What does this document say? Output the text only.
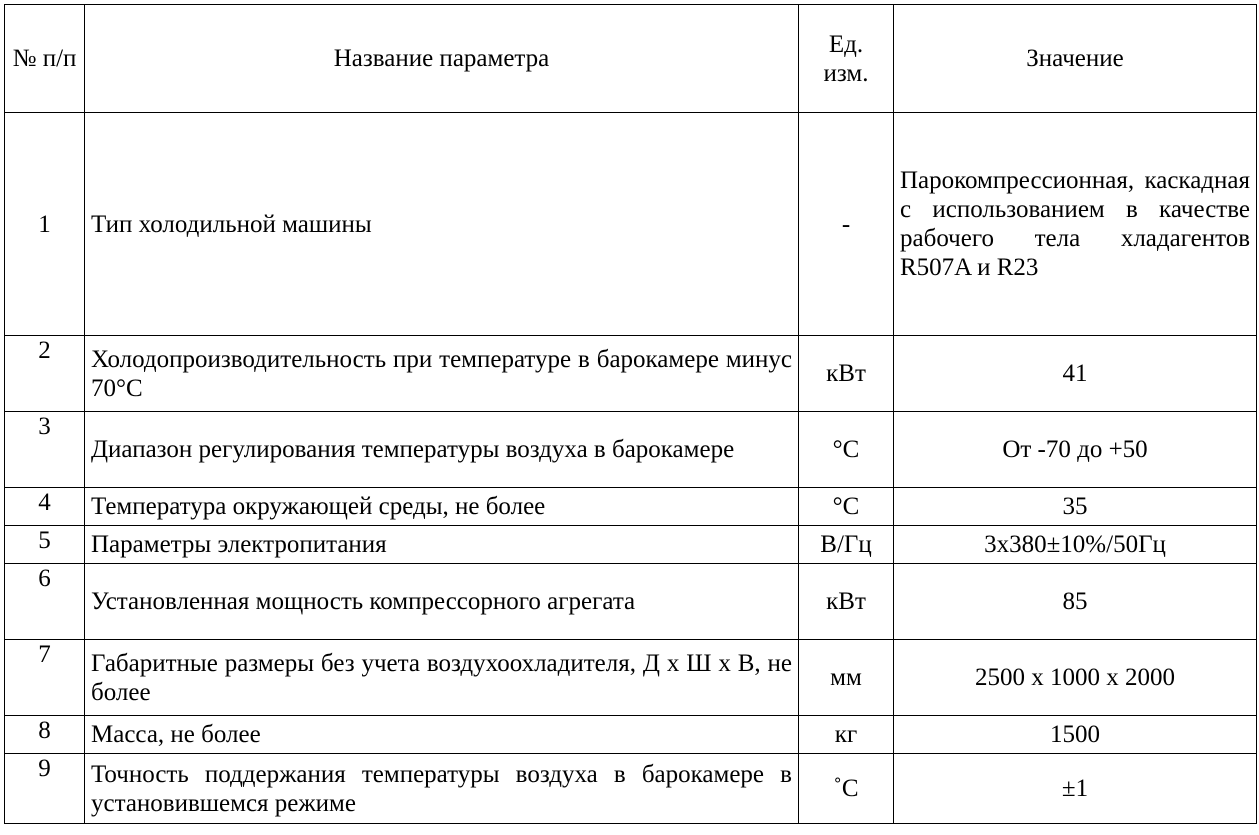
№ п/п	Название параметра	Ед. изм.	Значение
1	Тип холодильной машины	-	Парокомпрессионная, каскадная с использованием в качестве рабочего тела хладагентов R507A и R23
2	Холодопроизводительность при температуре в барокамере минус 70°С	кВт	41
3	Диапазон регулирования температуры воздуха в барокамере	°С	От -70 до +50
4	Температура окружающей среды, не более	°С	35
5	Параметры электропитания	В/Гц	3х380±10%/50Гц
6	Установленная мощность компрессорного агрегата	кВт	85
7	Габаритные размеры без учета воздухоохладителя, Д х Ш х В, не более	мм	2500 х 1000 х 2000
8	Масса, не более	кг	1500
9	Точность поддержания температуры воздуха в барокамере в установившемся режиме	˚С	±1
